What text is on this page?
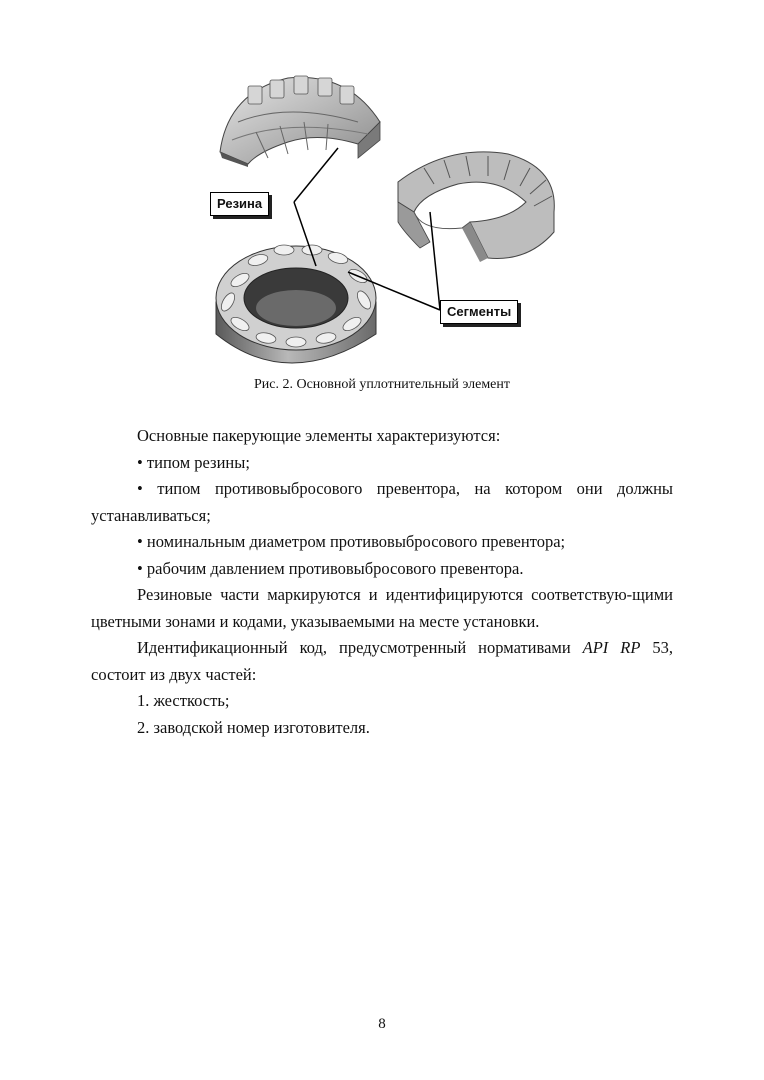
Резина
Сегменты
Рис. 2. Основной уплотнительный элемент

Основные пакерующие элементы характеризуются:

• типом резины;

• типом противовыбросового превентора, на котором они должны устанавливаться;

• номинальным диаметром противовыбросового превентора;

• рабочим давлением противовыбросового превентора.

Резиновые части маркируются и идентифицируются соответствую-щими цветными зонами и кодами, указываемыми на месте установки.

Идентификационный код, предусмотренный нормативами API RP 53, состоит из двух частей:

1. жесткость;

2. заводской номер изготовителя.

8
